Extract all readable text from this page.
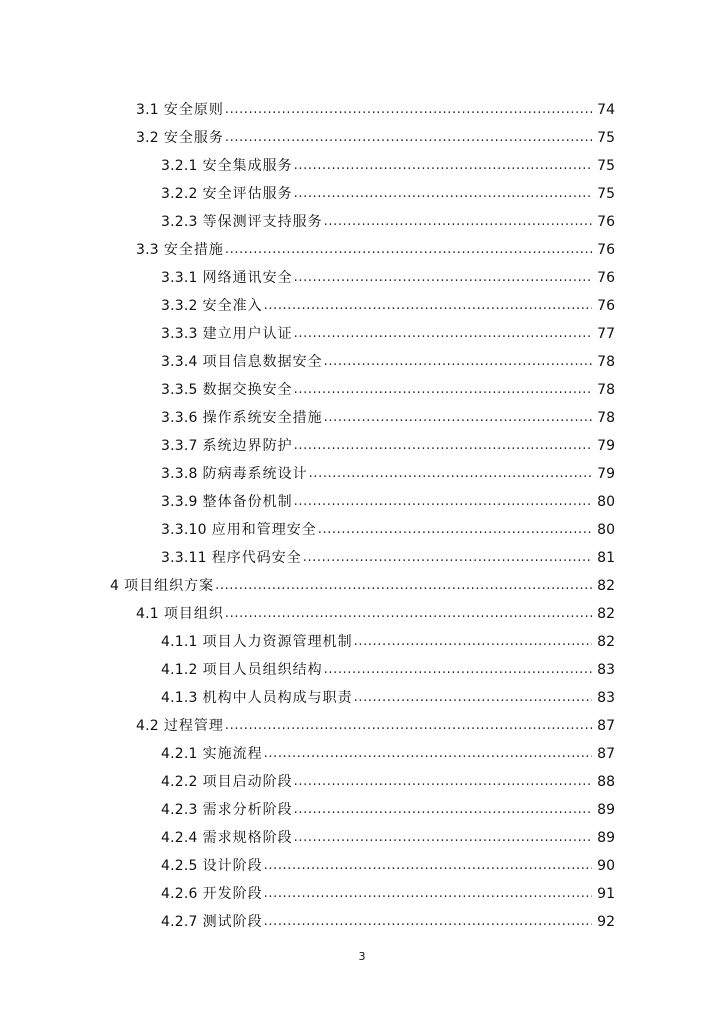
3.1 安全原则 .....	74
3.2 安全服务 .....	75
3.2.1 安全集成服务 .....	75
3.2.2 安全评估服务 .....	75
3.2.3 等保测评支持服务 .....	76
3.3 安全措施 .....	76
3.3.1 网络通讯安全 .....	76
3.3.2 安全准入 .....	76
3.3.3 建立用户认证 .....	77
3.3.4 项目信息数据安全 .....	78
3.3.5 数据交换安全 .....	78
3.3.6 操作系统安全措施 .....	78
3.3.7 系统边界防护 .....	79
3.3.8 防病毒系统设计 .....	79
3.3.9 整体备份机制 .....	80
3.3.10 应用和管理安全 .....	80
3.3.11 程序代码安全 .....	81
4 项目组织方案 .....	82
4.1 项目组织 .....	82
4.1.1 项目人力资源管理机制 .....	82
4.1.2 项目人员组织结构 .....	83
4.1.3 机构中人员构成与职责 .....	83
4.2 过程管理 .....	87
4.2.1 实施流程 .....	87
4.2.2 项目启动阶段 .....	88
4.2.3 需求分析阶段 .....	89
4.2.4 需求规格阶段 .....	89
4.2.5 设计阶段 .....	90
4.2.6 开发阶段 .....	91
4.2.7 测试阶段 .....	92
3
